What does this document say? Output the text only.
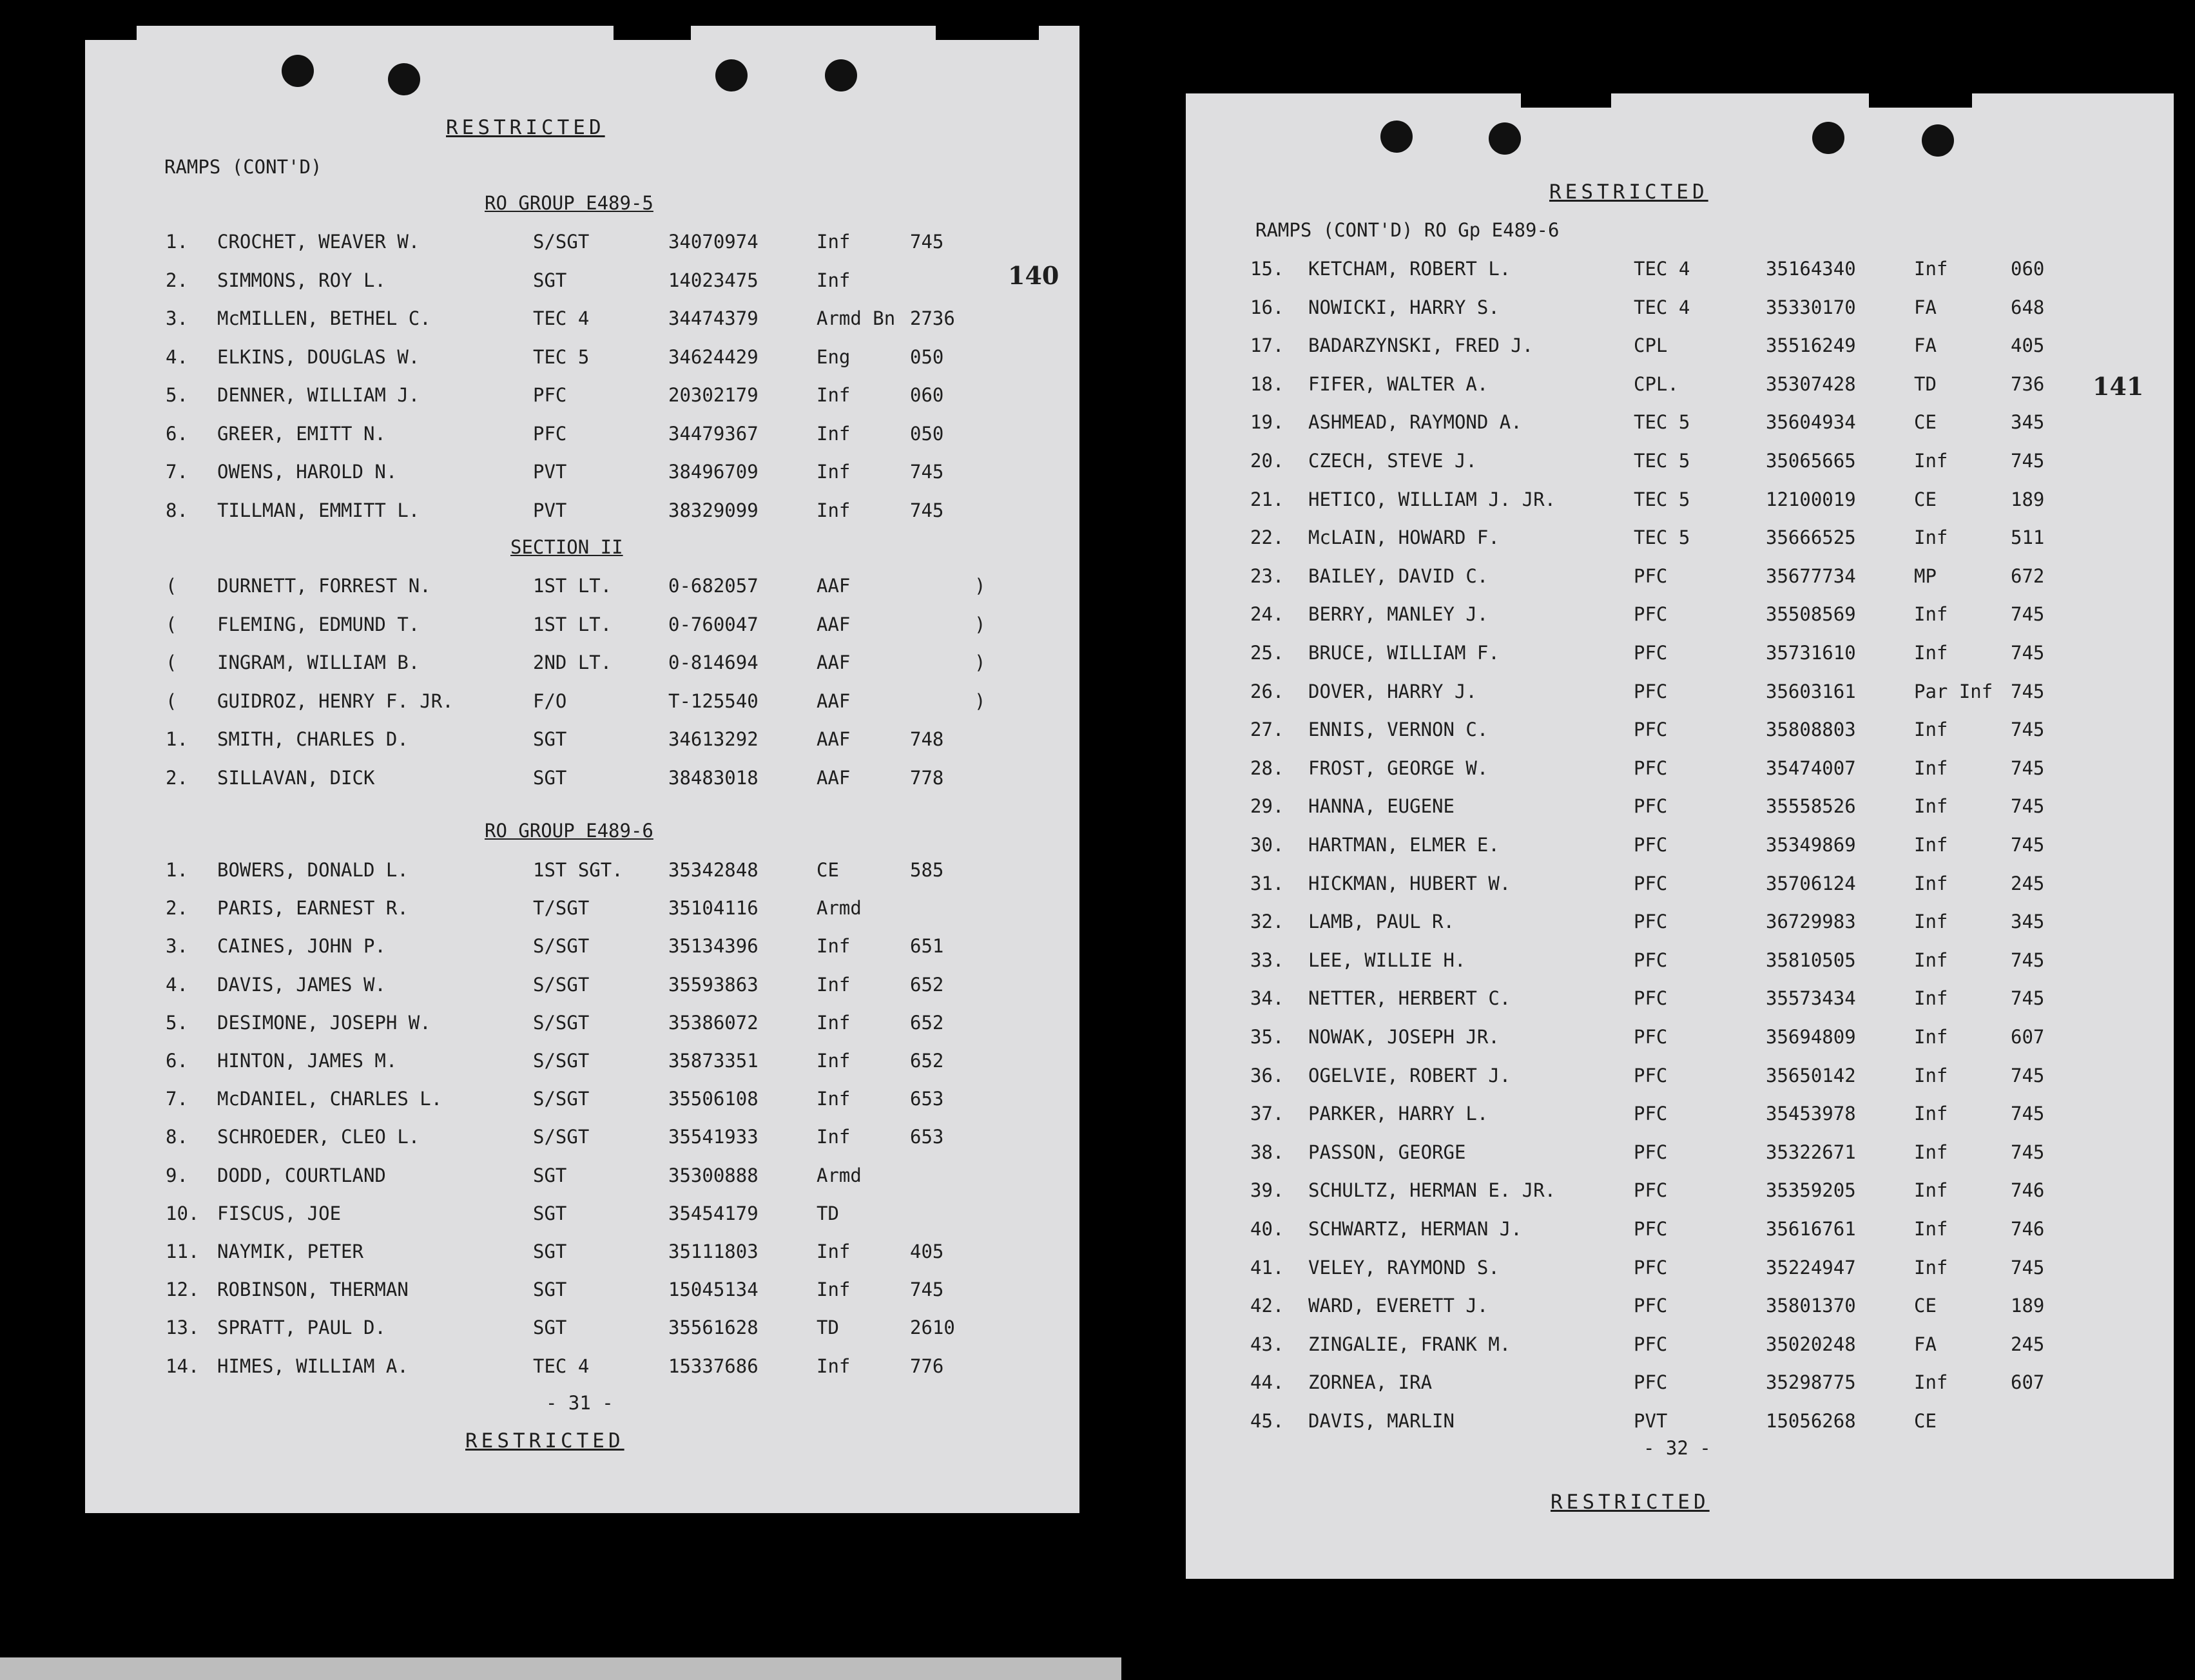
RESTRICTED
RAMPS (CONT'D)
RO GROUP E489-5
140
1. CROCHET, WEAVER W.	S/SGT	34070974	Inf	745
2. SIMMONS, ROY L.	SGT	14023475	Inf
3. McMILLEN, BETHEL C.	TEC 4	34474379	Armd Bn 2736
4. ELKINS, DOUGLAS W.	TEC 5	34624429	Eng	050
5. DENNER, WILLIAM J.	PFC	20302179	Inf	060
6. GREER, EMITT N.	PFC	34479367	Inf	050
7. OWENS, HAROLD N.	PVT	38496709	Inf	745
8. TILLMAN, EMMITT L.	PVT	38329099	Inf	745
SECTION II
( DURNETT, FORREST N.	1ST LT.	0-682057	AAF	)
( FLEMING, EDMUND T.	1ST LT.	0-760047	AAF	)
( INGRAM, WILLIAM B.	2ND LT.	0-814694	AAF	)
( GUIDROZ, HENRY F. JR.	F/O	T-125540	AAF	)
1. SMITH, CHARLES D.	SGT	34613292	AAF	748
2. SILLAVAN, DICK	SGT	38483018	AAF	778
RO GROUP E489-6
1. BOWERS, DONALD L.	1ST SGT. 35342848	CE	585
2. PARIS, EARNEST R.	T/SGT	35104116	Armd
3. CAINES, JOHN P.	S/SGT	35134396	Inf	651
4. DAVIS, JAMES W.	S/SGT	35593863	Inf	652
5. DESIMONE, JOSEPH W.	S/SGT	35386072	Inf	652
6. HINTON, JAMES M.	S/SGT	35873351	Inf	652
7. McDANIEL, CHARLES L.	S/SGT	35506108	Inf	653
8. SCHROEDER, CLEO L.	S/SGT	35541933	Inf	653
9. DODD, COURTLAND	SGT	35300888	Armd
10. FISCUS, JOE	SGT	35454179	TD
11. NAYMIK, PETER	SGT	35111803	Inf	405
12. ROBINSON, THERMAN	SGT	15045134	Inf	745
13. SPRATT, PAUL D.	SGT	35561628	TD	2610
14. HIMES, WILLIAM A.	TEC 4	15337686	Inf	776
- 31 -
RESTRICTED
RESTRICTED
RAMPS (CONT'D) RO Gp E489-6
141
15. KETCHAM, ROBERT L.	TEC 4	35164340	Inf	060
16. NOWICKI, HARRY S.	TEC 4	35330170	FA	648
17. BADARZYNSKI, FRED J.	CPL	35516249	FA	405
18. FIFER, WALTER A.	CPL.	35307428	TD	736
19. ASHMEAD, RAYMOND A.	TEC 5	35604934	CE	345
20. CZECH, STEVE J.	TEC 5	35065665	Inf	745
21. HETICO, WILLIAM J. JR.	TEC 5	12100019	CE	189
22. McLAIN, HOWARD F.	TEC 5	35666525	Inf	511
23. BAILEY, DAVID C.	PFC	35677734	MP	672
24. BERRY, MANLEY J.	PFC	35508569	Inf	745
25. BRUCE, WILLIAM F.	PFC	35731610	Inf	745
26. DOVER, HARRY J.	PFC	35603161	Par Inf 745
27. ENNIS, VERNON C.	PFC	35808803	Inf	745
28. FROST, GEORGE W.	PFC	35474007	Inf	745
29. HANNA, EUGENE	PFC	35558526	Inf	745
30. HARTMAN, ELMER E.	PFC	35349869	Inf	745
31. HICKMAN, HUBERT W.	PFC	35706124	Inf	245
32. LAMB, PAUL R.	PFC	36729983	Inf	345
33. LEE, WILLIE H.	PFC	35810505	Inf	745
34. NETTER, HERBERT C.	PFC	35573434	Inf	745
35. NOWAK, JOSEPH JR.	PFC	35694809	Inf	607
36. OGELVIE, ROBERT J.	PFC	35650142	Inf	745
37. PARKER, HARRY L.	PFC	35453978	Inf	745
38. PASSON, GEORGE	PFC	35322671	Inf	745
39. SCHULTZ, HERMAN E. JR.	PFC	35359205	Inf	746
40. SCHWARTZ, HERMAN J.	PFC	35616761	Inf	746
41. VELEY, RAYMOND S.	PFC	35224947	Inf	745
42. WARD, EVERETT J.	PFC	35801370	CE	189
43. ZINGALIE, FRANK M.	PFC	35020248	FA	245
44. ZORNEA, IRA	PFC	35298775	Inf	607
45. DAVIS, MARLIN	PVT	15056268	CE
- 32 -
RESTRICTED
